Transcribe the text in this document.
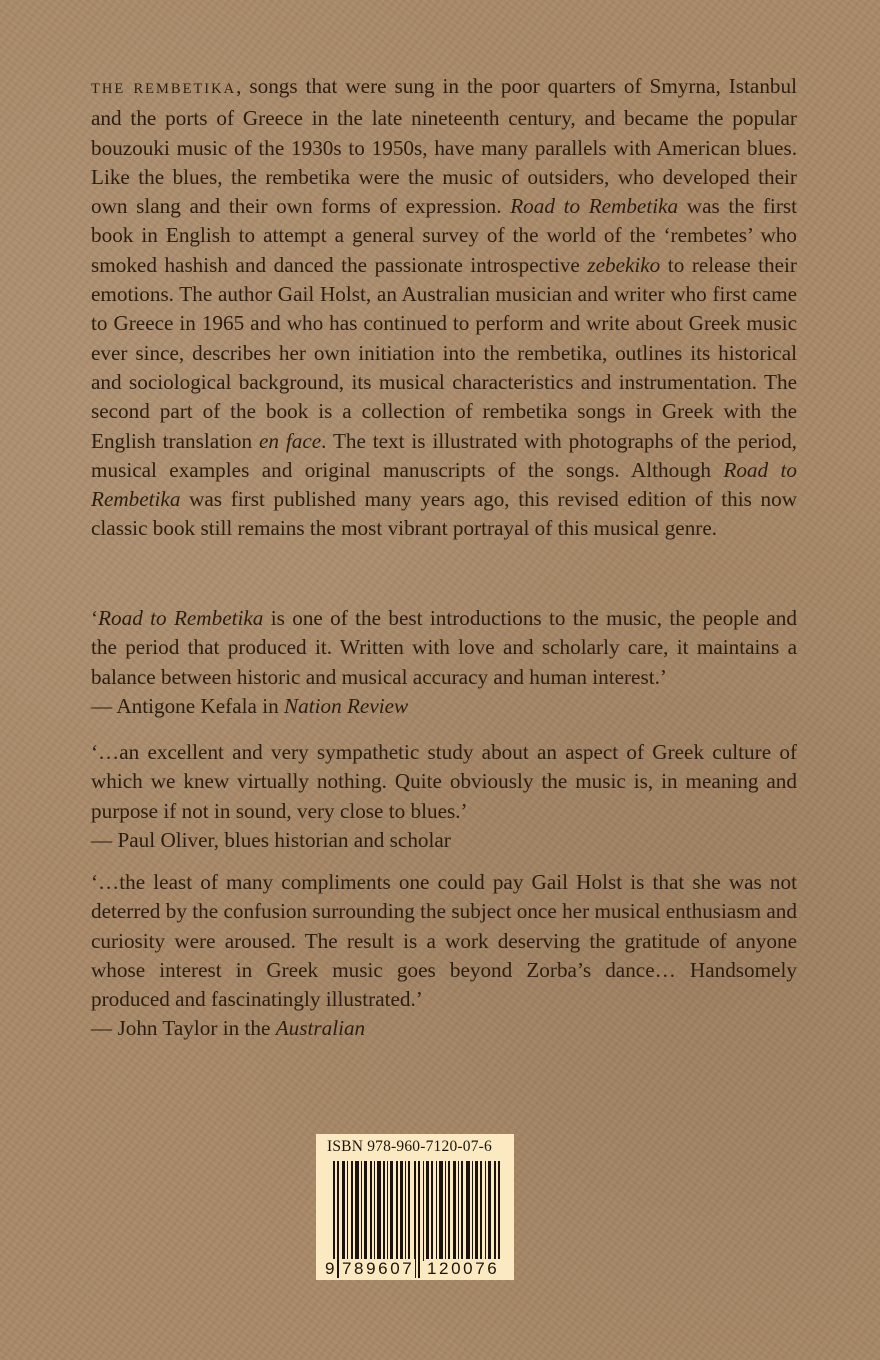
THE REMBETIKA, songs that were sung in the poor quarters of Smyrna, Istanbul and the ports of Greece in the late nineteenth century, and became the popular bouzouki music of the 1930s to 1950s, have many parallels with American blues. Like the blues, the rembetika were the music of outsiders, who developed their own slang and their own forms of expression. Road to Rembetika was the first book in English to attempt a general survey of the world of the ‘rembetes’ who smoked hashish and danced the passionate introspective zebekiko to release their emotions. The author Gail Holst, an Australian musician and writer who first came to Greece in 1965 and who has continued to perform and write about Greek music ever since, describes her own initiation into the rembetika, outlines its historical and sociological background, its musical characteristics and instrumentation. The second part of the book is a collection of rembetika songs in Greek with the English translation en face. The text is illustrated with photographs of the period, musical examples and original manuscripts of the songs. Although Road to Rembetika was first published many years ago, this revised edition of this now classic book still remains the most vibrant portrayal of this musical genre.

‘Road to Rembetika is one of the best introductions to the music, the people and the period that produced it. Written with love and scholarly care, it maintains a balance between historic and musical accuracy and human interest.’

— Antigone Kefala in Nation Review

‘…an excellent and very sympathetic study about an aspect of Greek culture of which we knew virtually nothing. Quite obviously the music is, in meaning and purpose if not in sound, very close to blues.’

— Paul Oliver, blues historian and scholar

‘…the least of many compliments one could pay Gail Holst is that she was not deterred by the confusion surrounding the subject once her musical enthusiasm and curiosity were aroused. The result is a work deserving the gratitude of anyone whose interest in Greek music goes beyond Zorba’s dance… Handsomely produced and fascinatingly illustrated.’

— John Taylor in the Australian

ISBN 978-960-7120-07-6
9 789607 120076
